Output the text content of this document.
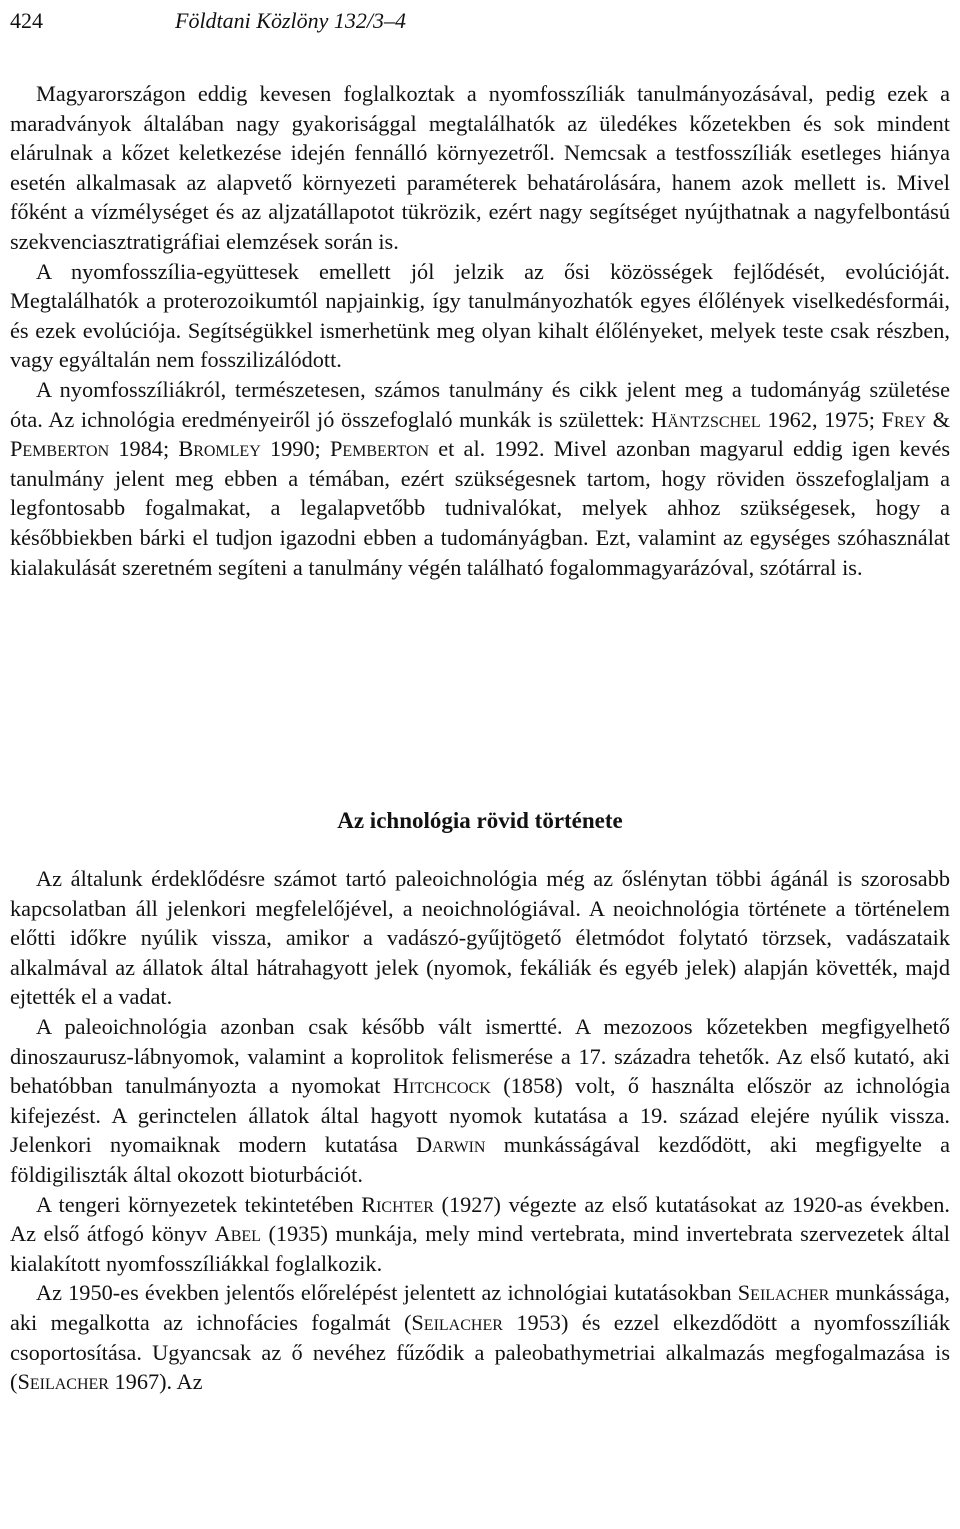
424	Földtani Közlöny 132/3–4

Magyarországon eddig kevesen foglalkoztak a nyomfosszíliák tanulmányozásával, pedig ezek a maradványok általában nagy gyakorisággal megtalálhatók az üledékes kőzetekben és sok mindent elárulnak a kőzet keletkezése idején fennálló környezetről. Nemcsak a testfosszíliák esetleges hiánya esetén alkalmasak az alapvető környezeti paraméterek behatárolására, hanem azok mellett is. Mivel főként a vízmélységet és az aljzatállapotot tükrözik, ezért nagy segítséget nyújthatnak a nagyfelbontású szekvenciasztratigráfiai elemzések során is.

A nyomfosszília-együttesek emellett jól jelzik az ősi közösségek fejlődését, evolúcióját. Megtalálhatók a proterozoikumtól napjainkig, így tanulmányozhatók egyes élőlények viselkedésformái, és ezek evolúciója. Segítségükkel ismerhetünk meg olyan kihalt élőlényeket, melyek teste csak részben, vagy egyáltalán nem fosszilizálódott.

A nyomfosszíliákról, természetesen, számos tanulmány és cikk jelent meg a tudományág születése óta. Az ichnológia eredményeiről jó összefoglaló munkák is születtek: Häntzschel 1962, 1975; Frey & Pemberton 1984; Bromley 1990; Pemberton et al. 1992. Mivel azonban magyarul eddig igen kevés tanulmány jelent meg ebben a témában, ezért szükségesnek tartom, hogy röviden összefoglaljam a legfontosabb fogalmakat, a legalapvetőbb tudnivalókat, melyek ahhoz szükségesek, hogy a későbbiekben bárki el tudjon igazodni ebben a tudományágban. Ezt, valamint az egységes szóhasználat kialakulását szeretném segíteni a tanulmány végén található fogalommagyarázóval, szótárral is.

Az ichnológia rövid története

Az általunk érdeklődésre számot tartó paleoichnológia még az őslénytan többi ágánál is szorosabb kapcsolatban áll jelenkori megfelelőjével, a neoichnológiával. A neoichnológia története a történelem előtti időkre nyúlik vissza, amikor a vadászó-gyűjtögető életmódot folytató törzsek, vadászataik alkalmával az állatok által hátrahagyott jelek (nyomok, fekáliák és egyéb jelek) alapján követték, majd ejtették el a vadat.

A paleoichnológia azonban csak később vált ismertté. A mezozoos kőzetekben megfigyelhető dinoszaurusz-lábnyomok, valamint a koprolitok felismerése a 17. századra tehetők. Az első kutató, aki behatóbban tanulmányozta a nyomokat Hitchcock (1858) volt, ő használta először az ichnológia kifejezést. A gerinctelen állatok által hagyott nyomok kutatása a 19. század elejére nyúlik vissza. Jelenkori nyomaiknak modern kutatása Darwin munkásságával kezdődött, aki megfigyelte a földigiliszták által okozott bioturbációt.

A tengeri környezetek tekintetében Richter (1927) végezte az első kutatásokat az 1920-as években. Az első átfogó könyv Abel (1935) munkája, mely mind vertebrata, mind invertebrata szervezetek által kialakított nyomfosszíliákkal foglalkozik.

Az 1950-es években jelentős előrelépést jelentett az ichnológiai kutatásokban Seilacher munkássága, aki megalkotta az ichnofácies fogalmát (Seilacher 1953) és ezzel elkezdődött a nyomfosszíliák csoportosítása. Ugyancsak az ő nevéhez fűződik a paleobathymetriai alkalmazás megfogalmazása is (Seilacher 1967). Az
